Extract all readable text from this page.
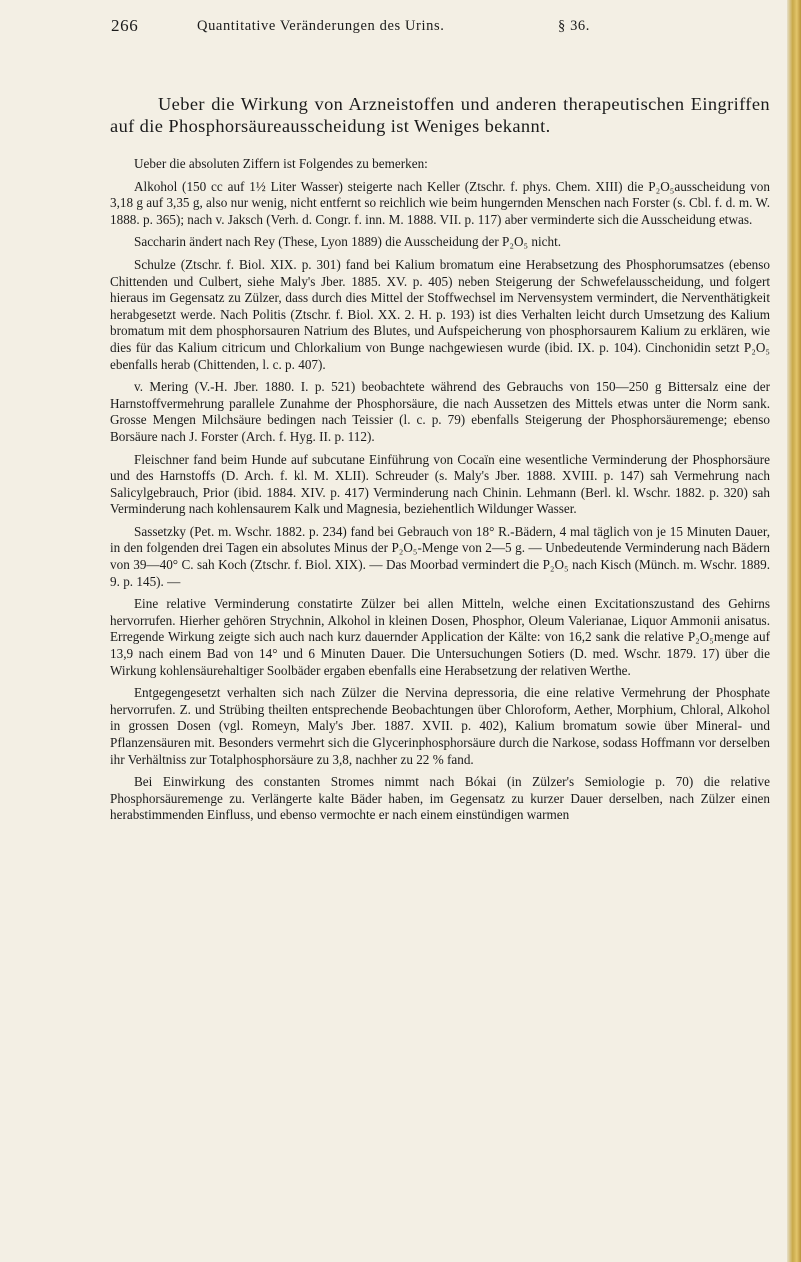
266	Quantitative Veränderungen des Urins.	§ 36.
Ueber die Wirkung von Arzneistoffen und anderen therapeutischen Eingriffen auf die Phosphorsäureausscheidung ist Weniges bekannt.

Ueber die absoluten Ziffern ist Folgendes zu bemerken:

Alkohol (150 cc auf 1½ Liter Wasser) steigerte nach Keller (Ztschr. f. phys. Chem. XIII) die P₂O₅ausscheidung von 3,18 g auf 3,35 g, also nur wenig, nicht entfernt so reichlich wie beim hungernden Menschen nach Forster (s. Cbl. f. d. m. W. 1888. p. 365); nach v. Jaksch (Verh. d. Congr. f. inn. M. 1888. VII. p. 117) aber verminderte sich die Ausscheidung etwas.

Saccharin ändert nach Rey (These, Lyon 1889) die Ausscheidung der P₂O₅ nicht.

Schulze (Ztschr. f. Biol. XIX. p. 301) fand bei Kalium bromatum eine Herabsetzung des Phosphorumsatzes (ebenso Chittenden und Culbert, siehe Maly's Jber. 1885. XV. p. 405) neben Steigerung der Schwefelausscheidung, und folgert hieraus im Gegensatz zu Zülzer, dass durch dies Mittel der Stoffwechsel im Nervensystem vermindert, die Nerventhätigkeit herabgesetzt werde. Nach Politis (Ztschr. f. Biol. XX. 2. H. p. 193) ist dies Verhalten leicht durch Umsetzung des Kalium bromatum mit dem phosphorsauren Natrium des Blutes, und Aufspeicherung von phosphorsaurem Kalium zu erklären, wie dies für das Kalium citricum und Chlorkalium von Bunge nachgewiesen wurde (ibid. IX. p. 104). Cinchonidin setzt P₂O₅ ebenfalls herab (Chittenden, l. c. p. 407).

v. Mering (V.-H. Jber. 1880. I. p. 521) beobachtete während des Gebrauchs von 150—250 g Bittersalz eine der Harnstoffvermehrung parallele Zunahme der Phosphorsäure, die nach Aussetzen des Mittels etwas unter die Norm sank. Grosse Mengen Milchsäure bedingen nach Teissier (l. c. p. 79) ebenfalls Steigerung der Phosphorsäuremenge; ebenso Borsäure nach J. Forster (Arch. f. Hyg. II. p. 112).

Fleischner fand beim Hunde auf subcutane Einführung von Cocaïn eine wesentliche Verminderung der Phosphorsäure und des Harnstoffs (D. Arch. f. kl. M. XLII). Schreuder (s. Maly's Jber. 1888. XVIII. p. 147) sah Vermehrung nach Salicylgebrauch, Prior (ibid. 1884. XIV. p. 417) Verminderung nach Chinin. Lehmann (Berl. kl. Wschr. 1882. p. 320) sah Verminderung nach kohlensaurem Kalk und Magnesia, beziehentlich Wildunger Wasser.

Sassetzky (Pet. m. Wschr. 1882. p. 234) fand bei Gebrauch von 18° R.-Bädern, 4 mal täglich von je 15 Minuten Dauer, in den folgenden drei Tagen ein absolutes Minus der P₂O₅-Menge von 2—5 g. — Unbedeutende Verminderung nach Bädern von 39—40° C. sah Koch (Ztschr. f. Biol. XIX). — Das Moorbad vermindert die P₂O₅ nach Kisch (Münch. m. Wschr. 1889. 9. p. 145). —

Eine relative Verminderung constatirte Zülzer bei allen Mitteln, welche einen Excitationszustand des Gehirns hervorrufen. Hierher gehören Strychnin, Alkohol in kleinen Dosen, Phosphor, Oleum Valerianae, Liquor Ammonii anisatus. Erregende Wirkung zeigte sich auch nach kurz dauernder Application der Kälte: von 16,2 sank die relative P₂O₅menge auf 13,9 nach einem Bad von 14° und 6 Minuten Dauer. Die Untersuchungen Sotiers (D. med. Wschr. 1879. 17) über die Wirkung kohlensäurehaltiger Soolbäder ergaben ebenfalls eine Herabsetzung der relativen Werthe.

Entgegengesetzt verhalten sich nach Zülzer die Nervina depressoria, die eine relative Vermehrung der Phosphate hervorrufen. Z. und Strübing theilten entsprechende Beobachtungen über Chloroform, Aether, Morphium, Chloral, Alkohol in grossen Dosen (vgl. Romeyn, Maly's Jber. 1887. XVII. p. 402), Kalium bromatum sowie über Mineral- und Pflanzensäuren mit. Besonders vermehrt sich die Glycerinphosphorsäure durch die Narkose, sodass Hoffmann vor derselben ihr Verhältniss zur Totalphosphorsäure zu 3,8, nachher zu 22 % fand.

Bei Einwirkung des constanten Stromes nimmt nach Bókai (in Zülzer's Semiologie p. 70) die relative Phosphorsäuremenge zu. Verlängerte kalte Bäder haben, im Gegensatz zu kurzer Dauer derselben, nach Zülzer einen herabstimmenden Einfluss, und ebenso vermochte er nach einem einstündigen warmen
